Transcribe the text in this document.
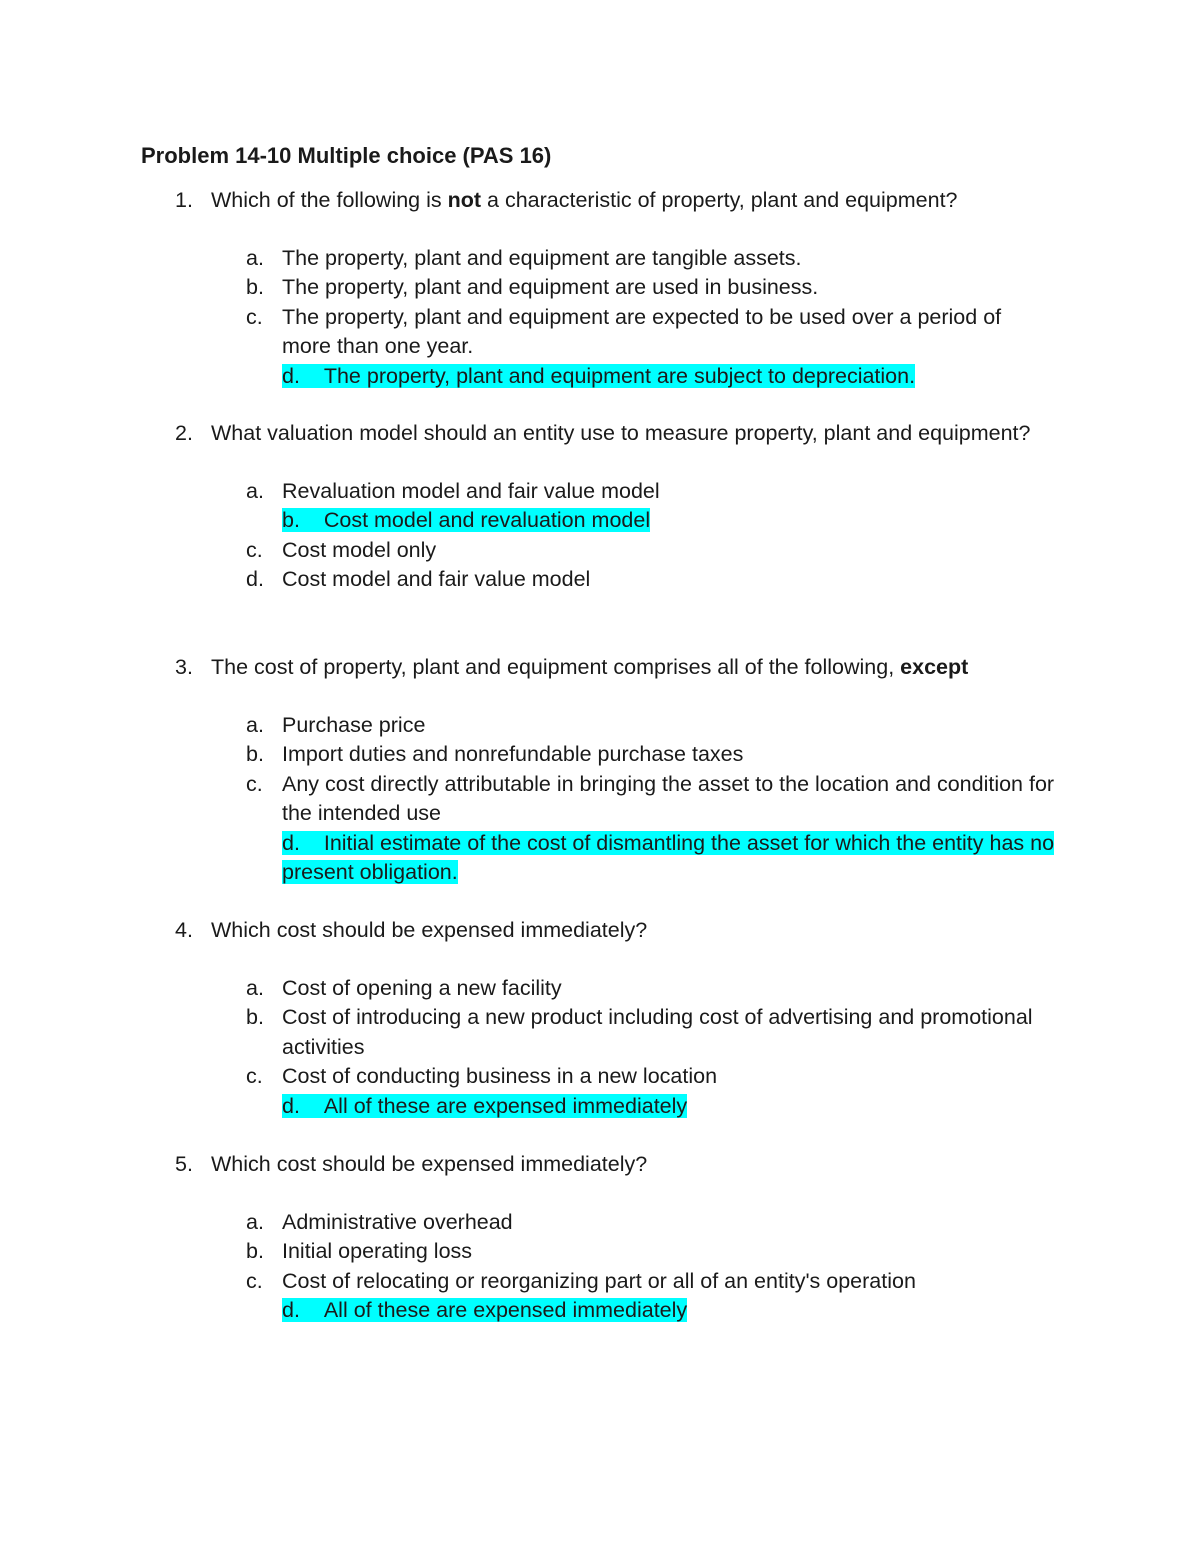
Problem 14-10 Multiple choice (PAS 16)
1. Which of the following is not a characteristic of property, plant and equipment?
a. The property, plant and equipment are tangible assets.
b. The property, plant and equipment are used in business.
c. The property, plant and equipment are expected to be used over a period of more than one year.
d. The property, plant and equipment are subject to depreciation.
2. What valuation model should an entity use to measure property, plant and equipment?
a. Revaluation model and fair value model
b. Cost model and revaluation model
c. Cost model only
d. Cost model and fair value model
3. The cost of property, plant and equipment comprises all of the following, except
a. Purchase price
b. Import duties and nonrefundable purchase taxes
c. Any cost directly attributable in bringing the asset to the location and condition for the intended use
d. Initial estimate of the cost of dismantling the asset for which the entity has no present obligation.
4. Which cost should be expensed immediately?
a. Cost of opening a new facility
b. Cost of introducing a new product including cost of advertising and promotional activities
c. Cost of conducting business in a new location
d. All of these are expensed immediately
5. Which cost should be expensed immediately?
a. Administrative overhead
b. Initial operating loss
c. Cost of relocating or reorganizing part or all of an entity's operation
d. All of these are expensed immediately
